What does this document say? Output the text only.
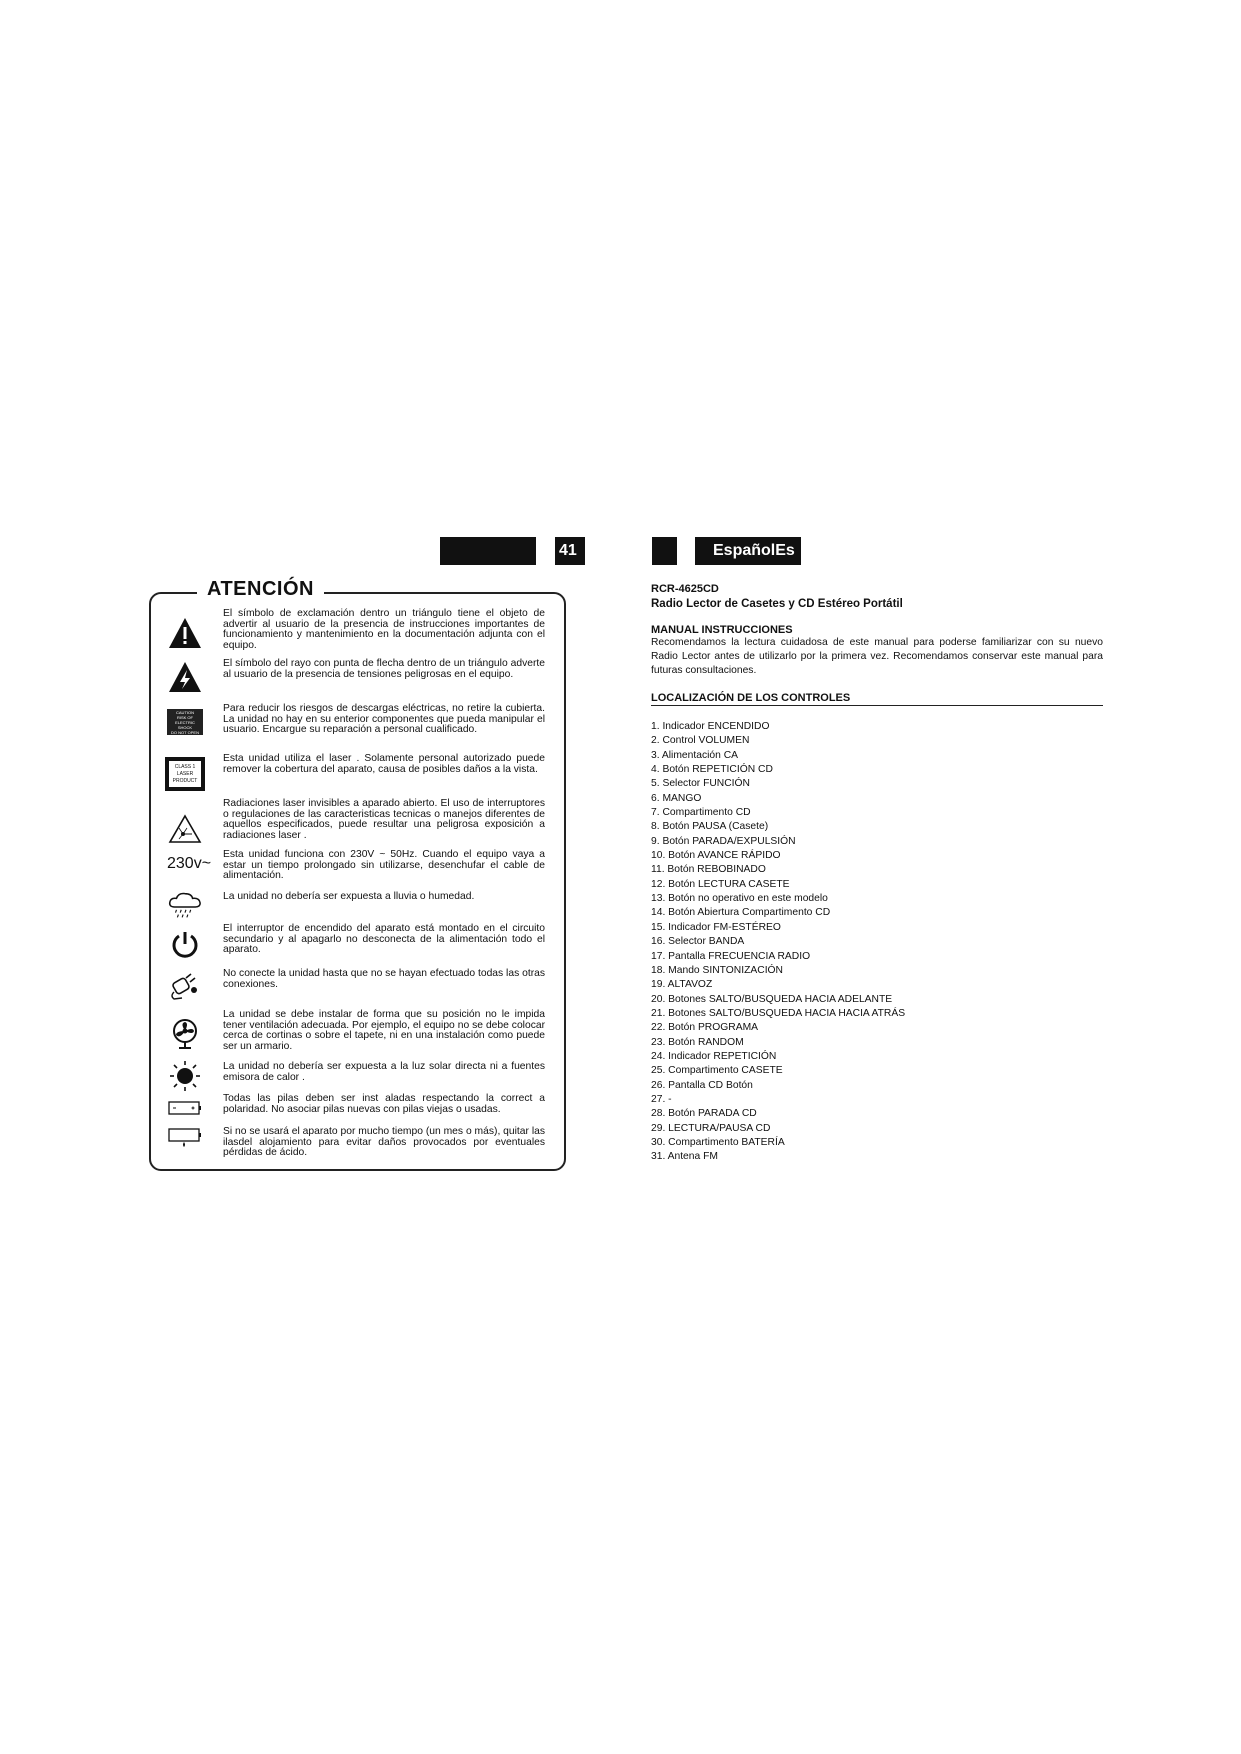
41	EspañolEs
ATENCIÓN
El símbolo de exclamación dentro un triángulo tiene el objeto de advertir al usuario de la presencia de instrucciones importantes de funcionamiento y mantenimiento en la documentación adjunta con el equipo.
El símbolo del rayo con punta de flecha dentro de un triángulo adverte al usuario de la presencia de tensiones peligrosas en el equipo.
CAUTION
RISK OF ELECTRIC
SHOCK
DO NOT OPEN
Para reducir los riesgos de descargas eléctricas, no retire la cubierta. La unidad no hay en su enterior componentes que pueda manipular el usuario. Encargue su reparación a personal cualificado.
CLASS 1
LASER PRODUCT
Esta unidad utiliza el laser . Solamente personal autorizado puede remover la cobertura del aparato, causa de posibles daños a la vista.
Radiaciones laser invisibles a aparado abierto. El uso de interruptores o regulaciones de las caracteristicas tecnicas o manejos diferentes de aquellos especificados, puede resultar una peligrosa exposición a radiaciones laser .
230v~
Esta unidad funciona con 230V ~ 50Hz. Cuando el equipo vaya a estar un tiempo prolongado sin utilizarse, desenchufar el cable de alimentación.
La unidad no debería ser expuesta a lluvia o humedad.
El interruptor de encendido del aparato está montado en el circuito secundario y al apagarlo no desconecta de la alimentación todo el aparato.
No conecte la unidad hasta que no se hayan efectuado todas las otras conexiones.
La unidad se debe instalar de forma que su posición no le impida tener ventilación adecuada. Por ejemplo, el equipo no se debe colocar cerca de cortinas o sobre el tapete, ni en una instalación como puede ser un armario.
La unidad no debería ser expuesta a la luz solar directa ni a fuentes emisora de calor .
Todas las pilas deben ser inst aladas respectando la correct a polaridad. No asociar pilas nuevas con pilas viejas o usadas.
Si no se usará el aparato por mucho tiempo (un mes o más), quitar las ilasdel alojamiento para evitar daños provocados por eventuales pérdidas de ácido.
RCR-4625CD
Radio Lector de Casetes y CD Estéreo Portátil
MANUAL INSTRUCCIONES
Recomendamos la lectura cuidadosa de este manual para poderse familiarizar con su nuevo Radio Lector antes de utilizarlo por la primera vez. Recomendamos conservar este manual para futuras consultaciones.
LOCALIZACIÓN DE LOS CONTROLES
1. Indicador ENCENDIDO
2. Control VOLUMEN
3. Alimentación CA
4. Botón REPETICIÓN CD
5. Selector FUNCIÓN
6. MANGO
7. Compartimento CD
8. Botón PAUSA (Casete)
9. Botón PARADA/EXPULSIÓN
10. Botón AVANCE RÁPIDO
11. Botón REBOBINADO
12. Botón LECTURA CASETE
13. Botón no operativo en este modelo
14. Botón Abiertura Compartimento CD
15. Indicador FM-ESTÉREO
16. Selector BANDA
17. Pantalla FRECUENCIA RADIO
18. Mando SINTONIZACIÓN
19. ALTAVOZ
20. Botones SALTO/BUSQUEDA HACIA ADELANTE
21. Botones SALTO/BUSQUEDA HACIA HACIA ATRÁS
22. Botón PROGRAMA
23. Botón RANDOM
24. Indicador REPETICIÓN
25. Compartimento CASETE
26. Pantalla CD Botón
27. -
28. Botón PARADA CD
29. LECTURA/PAUSA CD
30. Compartimento BATERÍA
31. Antena FM
